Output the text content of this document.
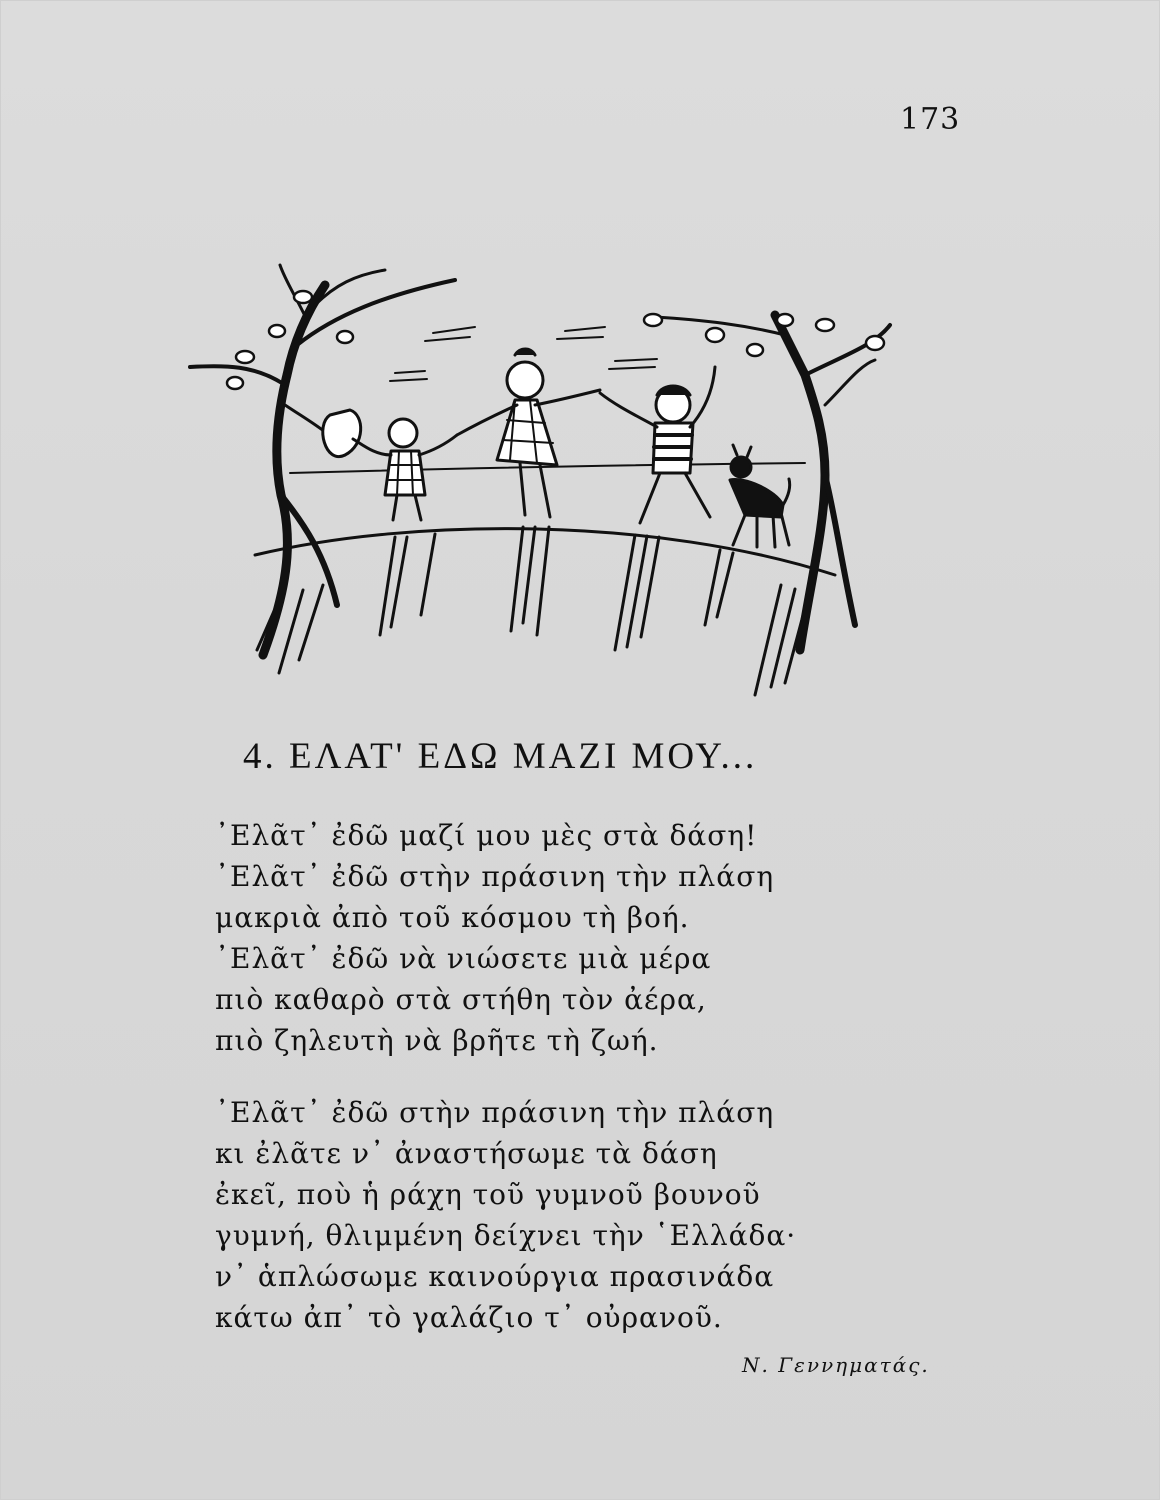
173
4. ΕΛΑΤ' ΕΔΩ ΜΑΖΙ ΜΟΥ...
᾿Ελᾶτ᾿ ἐδῶ μαζί μου μὲς στὰ δάση!
᾿Ελᾶτ᾿ ἐδῶ στὴν πράσινη τὴν πλάση
μακριὰ ἀπὸ τοῦ κόσμου τὴ βοή.
᾿Ελᾶτ᾿ ἐδῶ νὰ νιώσετε μιὰ μέρα
πιὸ καθαρὸ στὰ στήθη τὸν ἀέρα,
πιὸ ζηλευτὴ νὰ βρῆτε τὴ ζωή.
᾿Ελᾶτ᾿ ἐδῶ στὴν πράσινη τὴν πλάση
κι ἐλᾶτε ν᾿ ἀναστήσωμε τὰ δάση
ἐκεῖ, ποὺ ἡ ράχη τοῦ γυμνοῦ βουνοῦ
γυμνή, θλιμμένη δείχνει τὴν ῾Ελλάδα·
ν᾿ ἁπλώσωμε καινούργια πρασινάδα
κάτω ἀπ᾿ τὸ γαλάζιο τ᾿ οὐρανοῦ.
Ν. Γεννηματάς.
